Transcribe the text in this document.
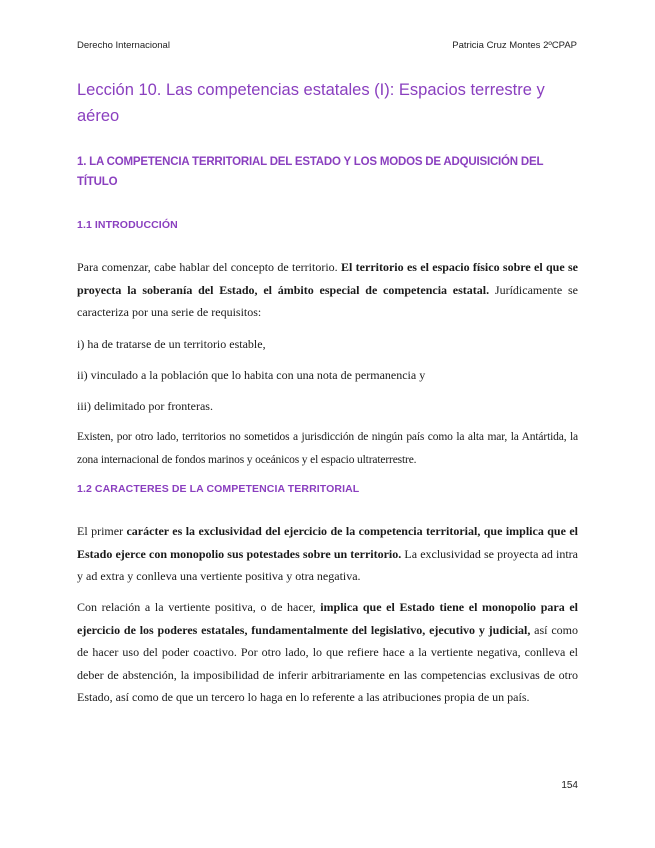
Derecho Internacional	Patricia Cruz Montes 2ºCPAP
Lección 10. Las competencias estatales (I): Espacios terrestre y aéreo
1. LA COMPETENCIA TERRITORIAL DEL ESTADO Y LOS MODOS DE ADQUISICIÓN DEL TÍTULO
1.1 INTRODUCCIÓN

Para comenzar, cabe hablar del concepto de territorio. El territorio es el espacio físico sobre el que se proyecta la soberanía del Estado, el ámbito especial de competencia estatal. Jurídicamente se caracteriza por una serie de requisitos:

i) ha de tratarse de un territorio estable,

ii) vinculado a la población que lo habita con una nota de permanencia y

iii) delimitado por fronteras.

Existen, por otro lado, territorios no sometidos a jurisdicción de ningún país como la alta mar, la Antártida, la zona internacional de fondos marinos y oceánicos y el espacio ultraterrestre.

1.2 CARACTERES DE LA COMPETENCIA TERRITORIAL

El primer carácter es la exclusividad del ejercicio de la competencia territorial, que implica que el Estado ejerce con monopolio sus potestades sobre un territorio. La exclusividad se proyecta ad intra y ad extra y conlleva una vertiente positiva y otra negativa.

Con relación a la vertiente positiva, o de hacer, implica que el Estado tiene el monopolio para el ejercicio de los poderes estatales, fundamentalmente del legislativo, ejecutivo y judicial, así como de hacer uso del poder coactivo. Por otro lado, lo que refiere hace a la vertiente negativa, conlleva el deber de abstención, la imposibilidad de inferir arbitrariamente en las competencias exclusivas de otro Estado, así como de que un tercero lo haga en lo referente a las atribuciones propia de un país.

154
